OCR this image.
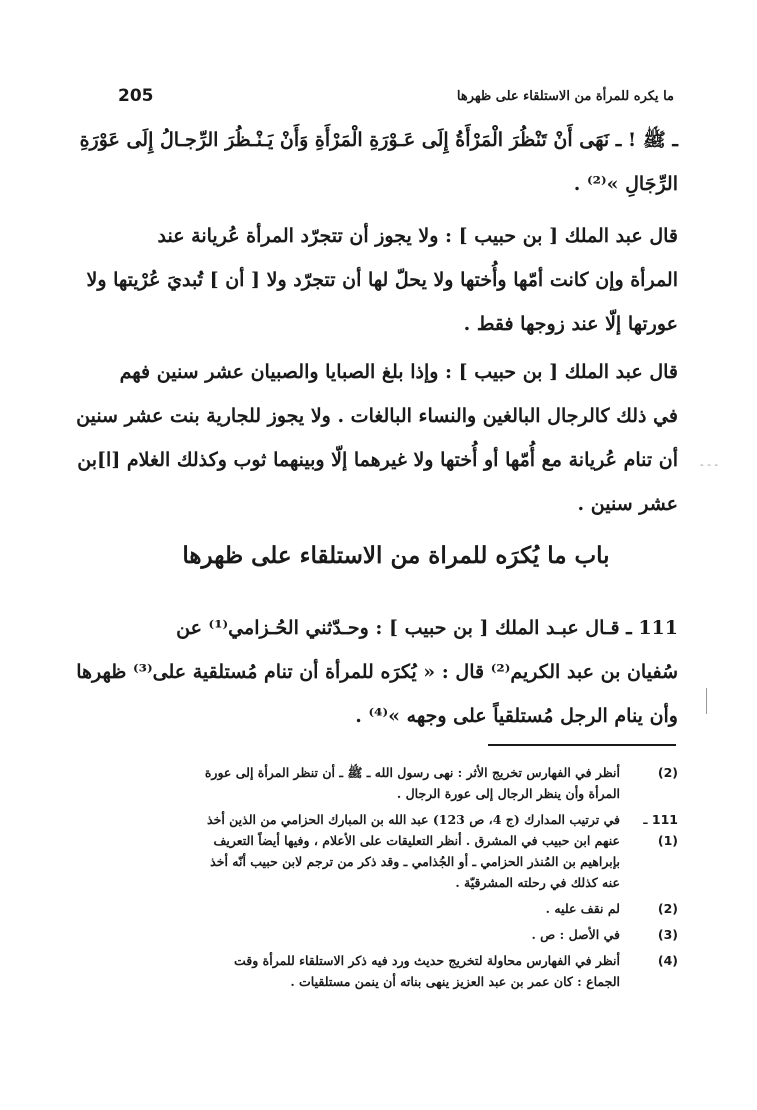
205	ما يكره للمرأة من الاستلقاء على ظهرها
ـ ﷺ ! ـ نَهَى أَنْ تَنْظُرَ الْمَرْأَةُ إِلَى عَـوْرَةِ الْمَرْأَةِ وَأَنْ يَـنْـظُرَ الرِّجـالُ إِلَى عَوْرَةِ
الرِّجَالِ »⁽²⁾ .
قال عبد الملك [ بن حبيب ] : ولا يجوز أن تتجرّد المرأة عُريانة عند
المرأة وإن كانت أمّها وأُختها ولا يحلّ لها أن تتجرّد ولا [ أن ] تُبديَ عُرْيتها ولا
عورتها إلّا عند زوجها فقط .
قال عبد الملك [ بن حبيب ] : وإذا بلغ الصبايا والصبيان عشر سنين فهم
في ذلك كالرجال البالغين والنساء البالغات . ولا يجوز للجارية بنت عشر سنين
أن تنام عُريانة مع أُمّها أو أُختها ولا غيرهما إلّا وبينهما ثوب وكذلك الغلام [ا]بن
عشر سنين .
- - -
باب ما يُكرَه للمراة من الاستلقاء على ظهرها
111 ـ قـال عبـد الملك [ بن حبيب ] : وحـدّثني الحُـزامي⁽¹⁾ عن
سُفيان بن عبد الكريم⁽²⁾ قال : « يُكرَه للمرأة أن تنام مُستلقية على⁽³⁾ ظهرها
وأن ينام الرجل مُستلقياً على وجهه »⁽⁴⁾ .
(2)
أنظر في الفهارس تخريج الأثر : نهى رسول الله ـ ﷺ ـ أن تنظر المرأة إلى عورة
المرأة وأن ينظر الرجال إلى عورة الرجال .
111 ـ (1)
في ترتيب المدارك (ج 4، ص 123) عبد الله بن المبارك الحزامي من الذين أخذ
عنهم ابن حبيب في المشرق . أنظر التعليقات على الأعلام ، وفيها أيضاً التعريف
بإبراهيم بن المُنذر الحزامي ـ أو الجُذامي ـ وقد ذكر من ترجم لابن حبيب أنّه أخذ
عنه كذلك في رحلته المشرقيّة .
(2)
لم نقف عليه .
(3)
في الأصل : ص .
(4)
أنظر في الفهارس محاولة لتخريج حديث ورد فيه ذكر الاستلقاء للمرأة وقت
الجماع : كان عمر بن عبد العزيز ينهى بناته أن ينمن مستلقيات .
